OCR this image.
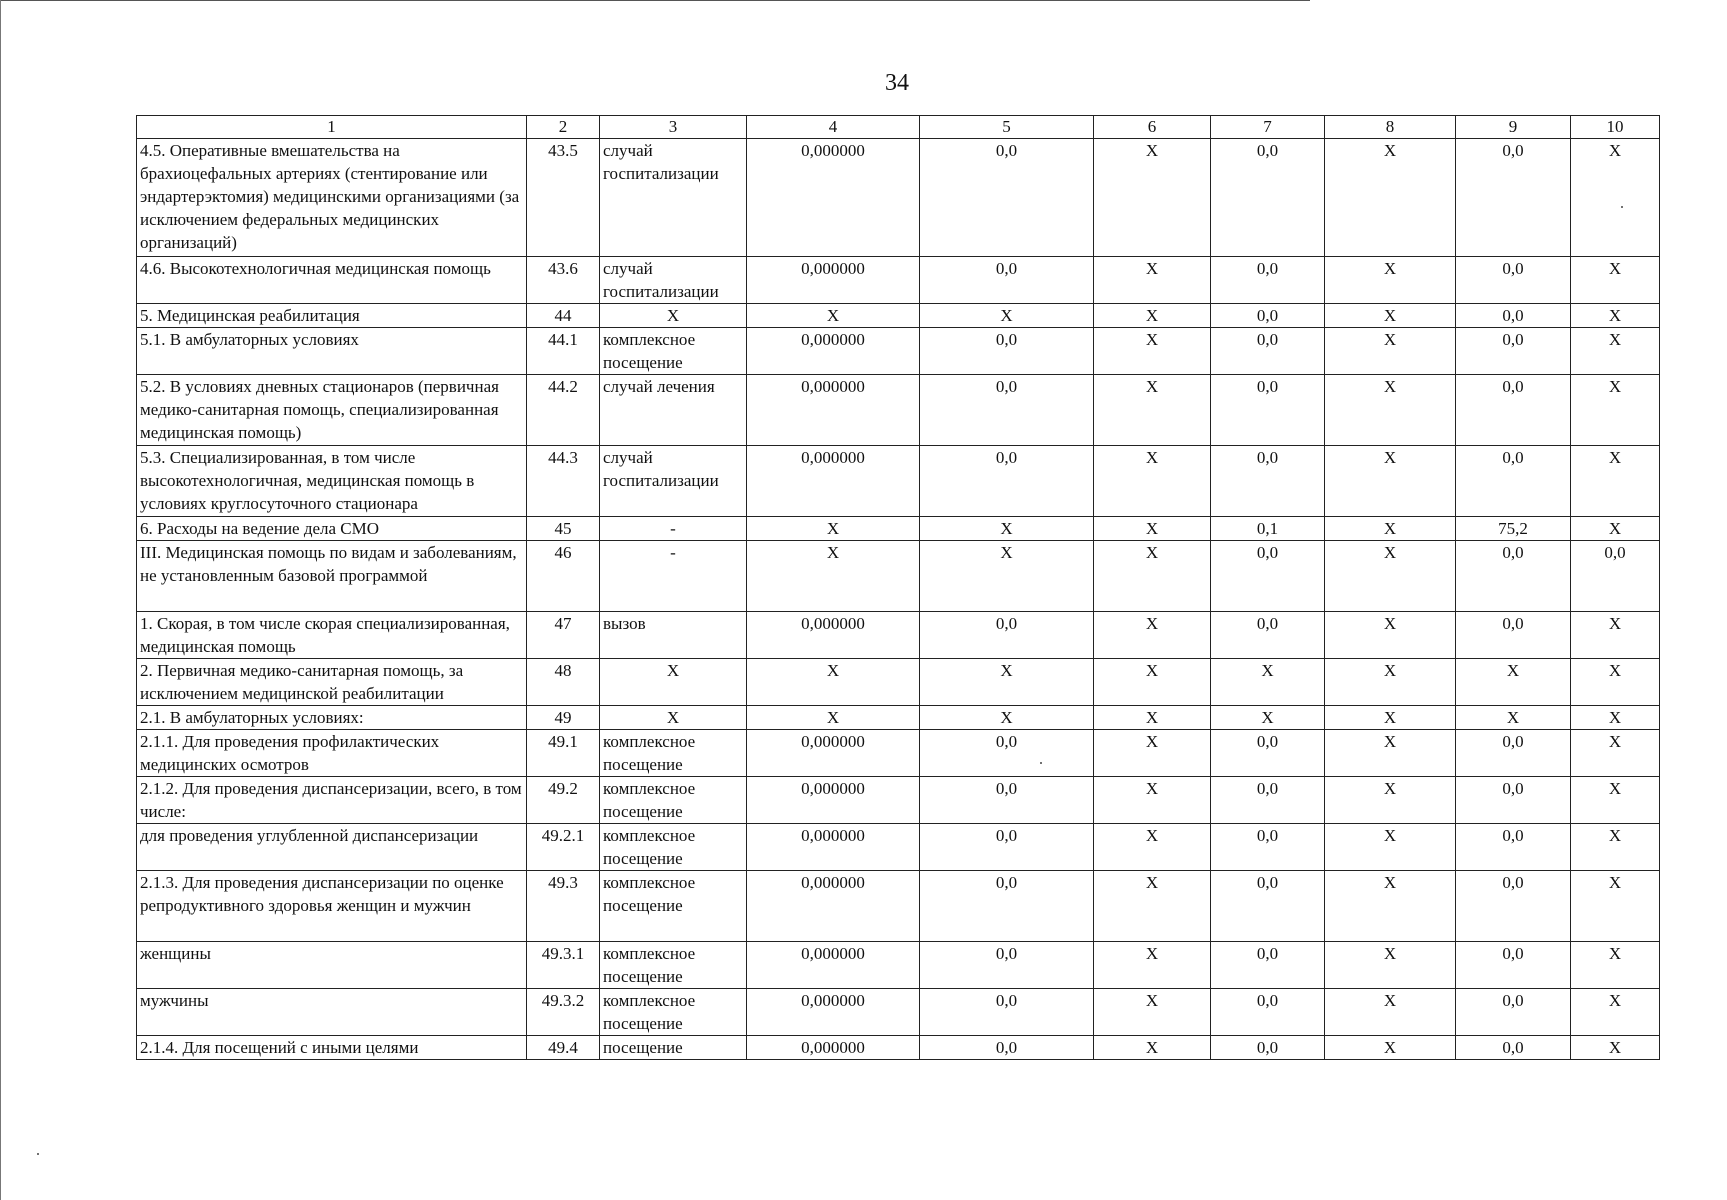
34
1	2	3	4	5	6	7	8	9	10
4.5. Оперативные вмешательства на брахиоцефальных артериях (стентирование или эндартерэктомия) медицинскими организациями (за исключением федеральных медицинских организаций)	43.5	случай госпитализации	0,000000	0,0	X	0,0	X	0,0	X
4.6. Высокотехнологичная медицинская помощь	43.6	случай госпитализации	0,000000	0,0	X	0,0	X	0,0	X
5. Медицинская реабилитация	44	X	X	X	X	0,0	X	0,0	X
5.1. В амбулаторных условиях	44.1	комплексное посещение	0,000000	0,0	X	0,0	X	0,0	X
5.2. В условиях дневных стационаров (первичная медико-санитарная помощь, специализированная медицинская помощь)	44.2	случай лечения	0,000000	0,0	X	0,0	X	0,0	X
5.3. Специализированная, в том числе высокотехнологичная, медицинская помощь в условиях круглосуточного стационара	44.3	случай госпитализации	0,000000	0,0	X	0,0	X	0,0	X
6. Расходы на ведение дела СМО	45	-	X	X	X	0,1	X	75,2	X
III. Медицинская помощь по видам и заболеваниям, не установленным базовой программой	46	-	X	X	X	0,0	X	0,0	0,0
1. Скорая, в том числе скорая специализированная, медицинская помощь	47	вызов	0,000000	0,0	X	0,0	X	0,0	X
2. Первичная медико-санитарная помощь, за исключением медицинской реабилитации	48	X	X	X	X	X	X	X	X
2.1. В амбулаторных условиях:	49	X	X	X	X	X	X	X	X
2.1.1. Для проведения профилактических медицинских осмотров	49.1	комплексное посещение	0,000000	0,0	X	0,0	X	0,0	X
2.1.2. Для проведения диспансеризации, всего, в том числе:	49.2	комплексное посещение	0,000000	0,0	X	0,0	X	0,0	X
для проведения углубленной диспансеризации	49.2.1	комплексное посещение	0,000000	0,0	X	0,0	X	0,0	X
2.1.3. Для проведения диспансеризации по оценке репродуктивного здоровья женщин и мужчин	49.3	комплексное посещение	0,000000	0,0	X	0,0	X	0,0	X
женщины	49.3.1	комплексное посещение	0,000000	0,0	X	0,0	X	0,0	X
мужчины	49.3.2	комплексное посещение	0,000000	0,0	X	0,0	X	0,0	X
2.1.4. Для посещений с иными целями	49.4	посещение	0,000000	0,0	X	0,0	X	0,0	X
